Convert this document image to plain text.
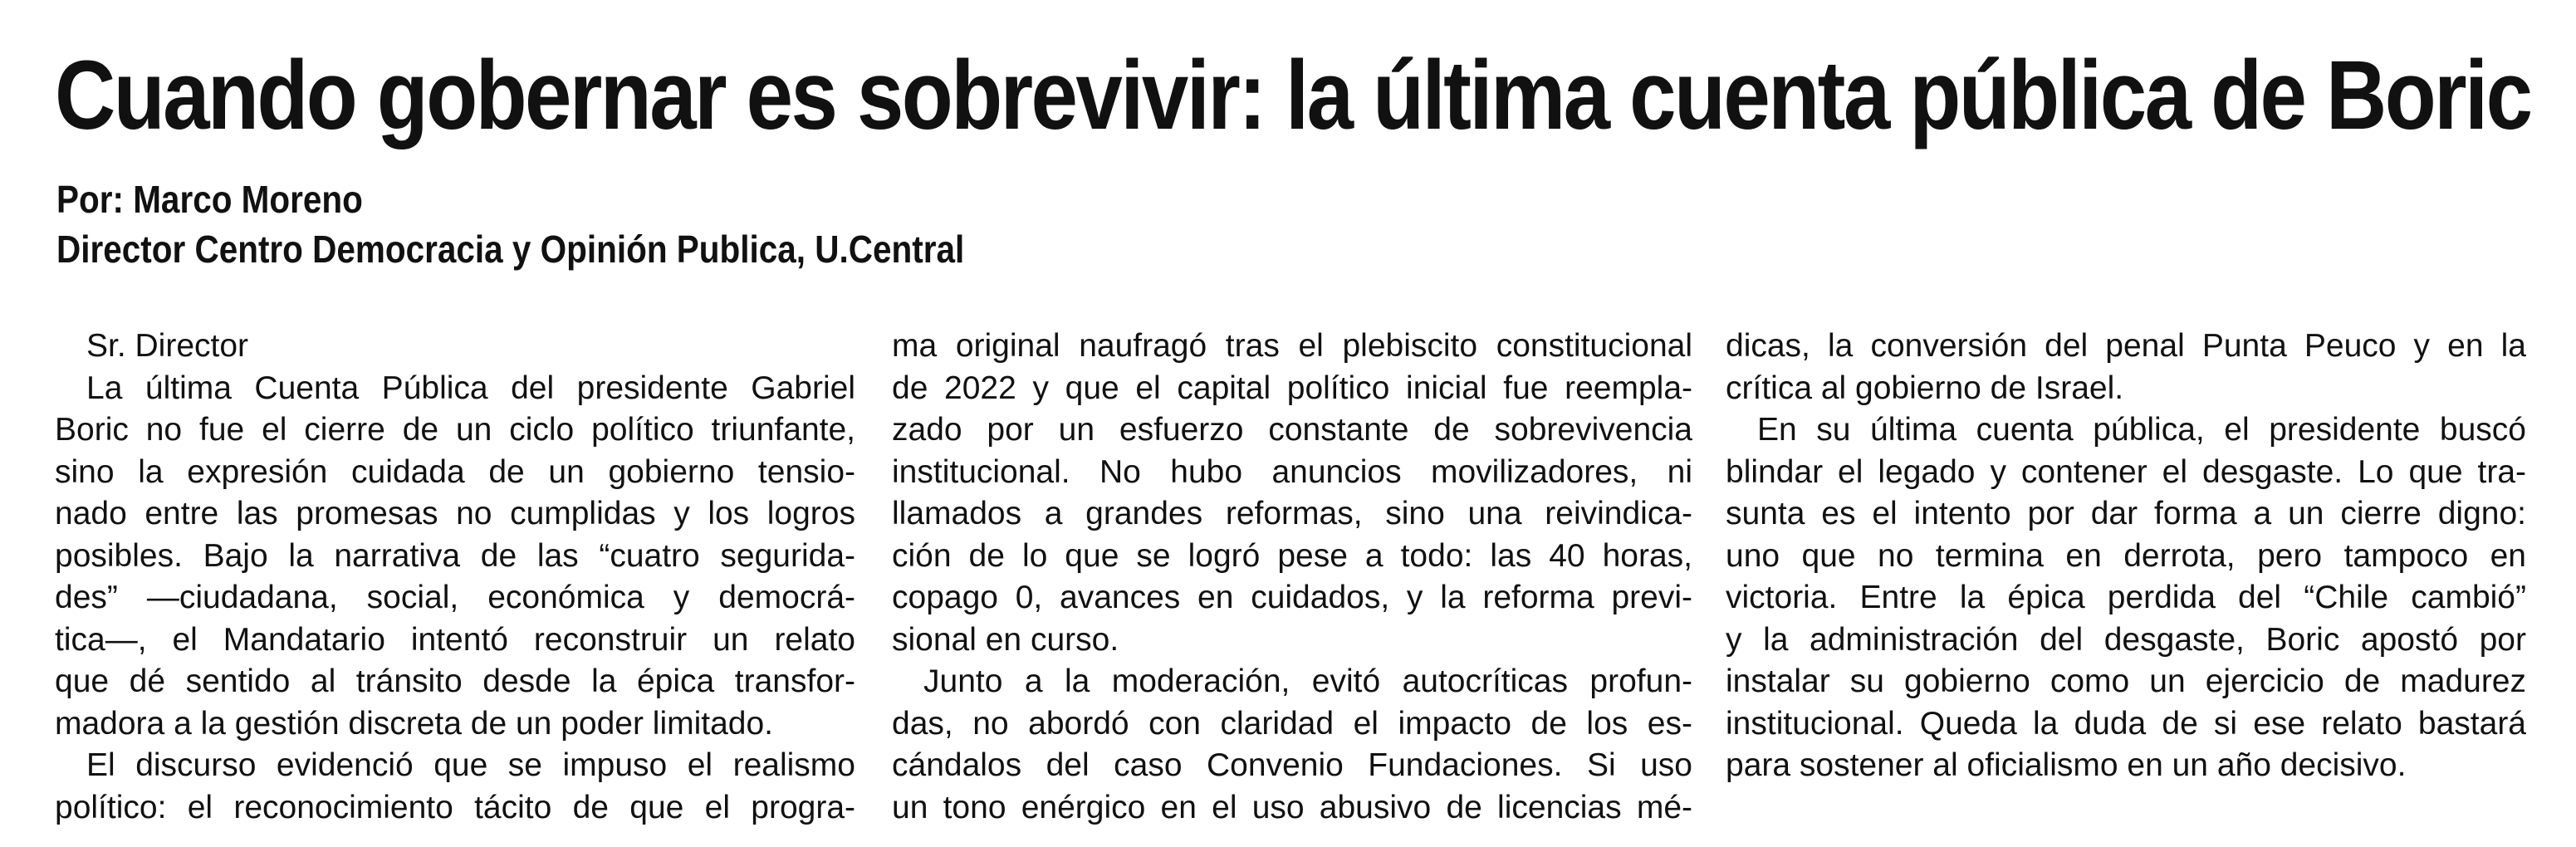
Cuando gobernar es sobrevivir: la última cuenta pública de Boric

Por: Marco Moreno

Director Centro Democracia y Opinión Publica, U.Central

Sr. Director
La última Cuenta Pública del presidente Gabriel
Boric no fue el cierre de un ciclo político triunfante,
sino la expresión cuidada de un gobierno tensio-
nado entre las promesas no cumplidas y los logros
posibles. Bajo la narrativa de las “cuatro segurida-
des” —ciudadana, social, económica y democrá-
tica—, el Mandatario intentó reconstruir un relato
que dé sentido al tránsito desde la épica transfor-
madora a la gestión discreta de un poder limitado.
El discurso evidenció que se impuso el realismo
político: el reconocimiento tácito de que el progra-
ma original naufragó tras el plebiscito constitucional
de 2022 y que el capital político inicial fue reempla-
zado por un esfuerzo constante de sobrevivencia
institucional. No hubo anuncios movilizadores, ni
llamados a grandes reformas, sino una reivindica-
ción de lo que se logró pese a todo: las 40 horas,
copago 0, avances en cuidados, y la reforma previ-
sional en curso.
Junto a la moderación, evitó autocríticas profun-
das, no abordó con claridad el impacto de los es-
cándalos del caso Convenio Fundaciones. Si uso
un tono enérgico en el uso abusivo de licencias mé-
dicas, la conversión del penal Punta Peuco y en la
crítica al gobierno de Israel.
En su última cuenta pública, el presidente buscó
blindar el legado y contener el desgaste. Lo que tra-
sunta es el intento por dar forma a un cierre digno:
uno que no termina en derrota, pero tampoco en
victoria. Entre la épica perdida del “Chile cambió”
y la administración del desgaste, Boric apostó por
instalar su gobierno como un ejercicio de madurez
institucional. Queda la duda de si ese relato bastará
para sostener al oficialismo en un año decisivo.
